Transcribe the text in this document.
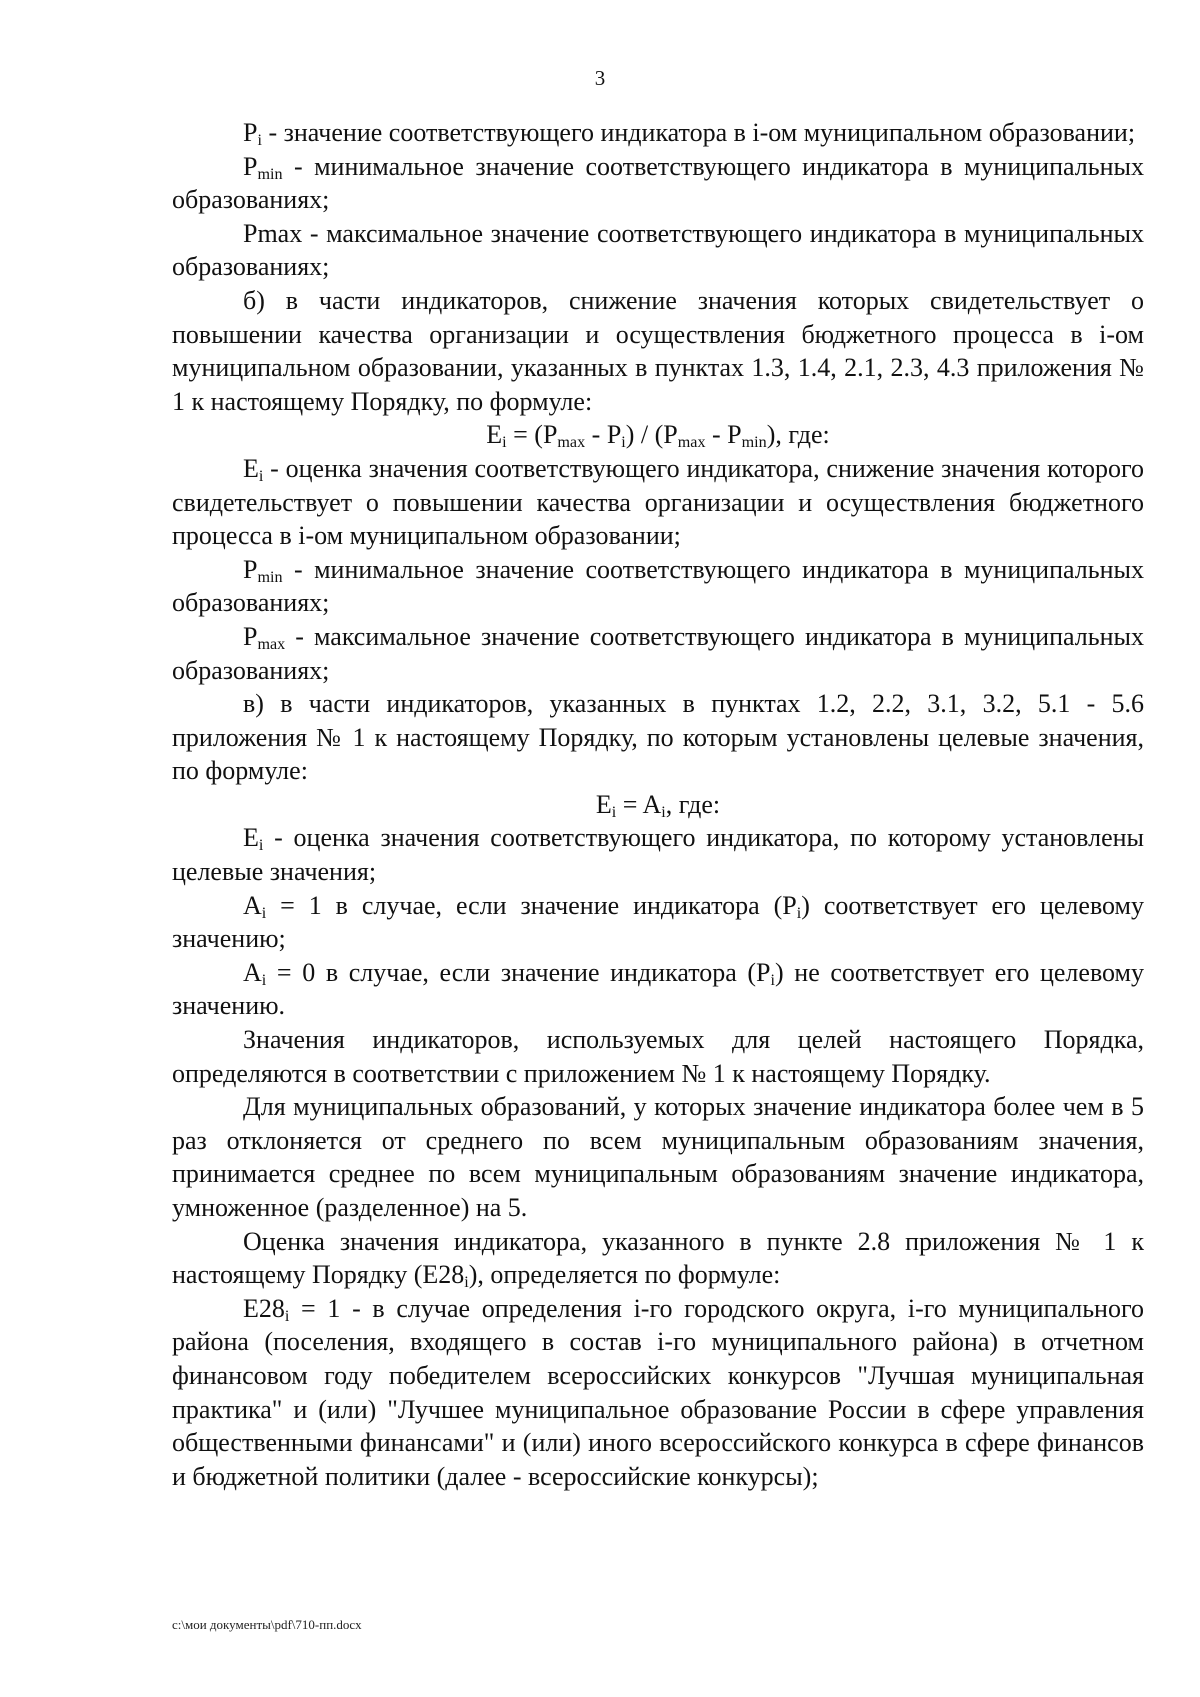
3

$P_i$ - значение соответствующего индикатора в i-ом муниципальном образовании;

$P_{min}$ - минимальное значение соответствующего индикатора в муниципальных образованиях;

Pmax - максимальное значение соответствующего индикатора в муниципальных образованиях;

б) в части индикаторов, снижение значения которых свидетельствует о повышении качества организации и осуществления бюджетного процесса в i-ом муниципальном образовании, указанных в пунктах 1.3, 1.4, 2.1, 2.3, 4.3 приложения № 1 к настоящему Порядку, по формуле:

$E_i = (P_{max} - P_i) / (P_{max} - P_{min})$, где:

$E_i$ - оценка значения соответствующего индикатора, снижение значения которого свидетельствует о повышении качества организации и осуществления бюджетного процесса в i-ом муниципальном образовании;

$P_{min}$ - минимальное значение соответствующего индикатора в муниципальных образованиях;

$P_{max}$ - максимальное значение соответствующего индикатора в муниципальных образованиях;

в) в части индикаторов, указанных в пунктах 1.2, 2.2, 3.1, 3.2, 5.1 - 5.6 приложения № 1 к настоящему Порядку, по которым установлены целевые значения, по формуле:

$E_i = A_i$, где:

$E_i$ - оценка значения соответствующего индикатора, по которому установлены целевые значения;

$A_i = 1$ в случае, если значение индикатора $(P_i)$ соответствует его целевому значению;

$A_i = 0$ в случае, если значение индикатора $(P_i)$ не соответствует его целевому значению.

Значения индикаторов, используемых для целей настоящего Порядка, определяются в соответствии с приложением № 1 к настоящему Порядку.

Для муниципальных образований, у которых значение индикатора более чем в 5 раз отклоняется от среднего по всем муниципальным образованиям значения, принимается среднее по всем муниципальным образованиям значение индикатора, умноженное (разделенное) на 5.

Оценка значения индикатора, указанного в пункте 2.8 приложения № 1 к настоящему Порядку $(E28_i)$, определяется по формуле:

$E28_i = 1 - в$ случае определения i-го городского округа, i-го муниципального района (поселения, входящего в состав i-го муниципального района) в отчетном финансовом году победителем всероссийских конкурсов "Лучшая муниципальная практика" и (или) "Лучшее муниципальное образование России в сфере управления общественными финансами" и (или) иного всероссийского конкурса в сфере финансов и бюджетной политики (далее - всероссийские конкурсы);

c:\мои документы\pdf\710-пп.docx
